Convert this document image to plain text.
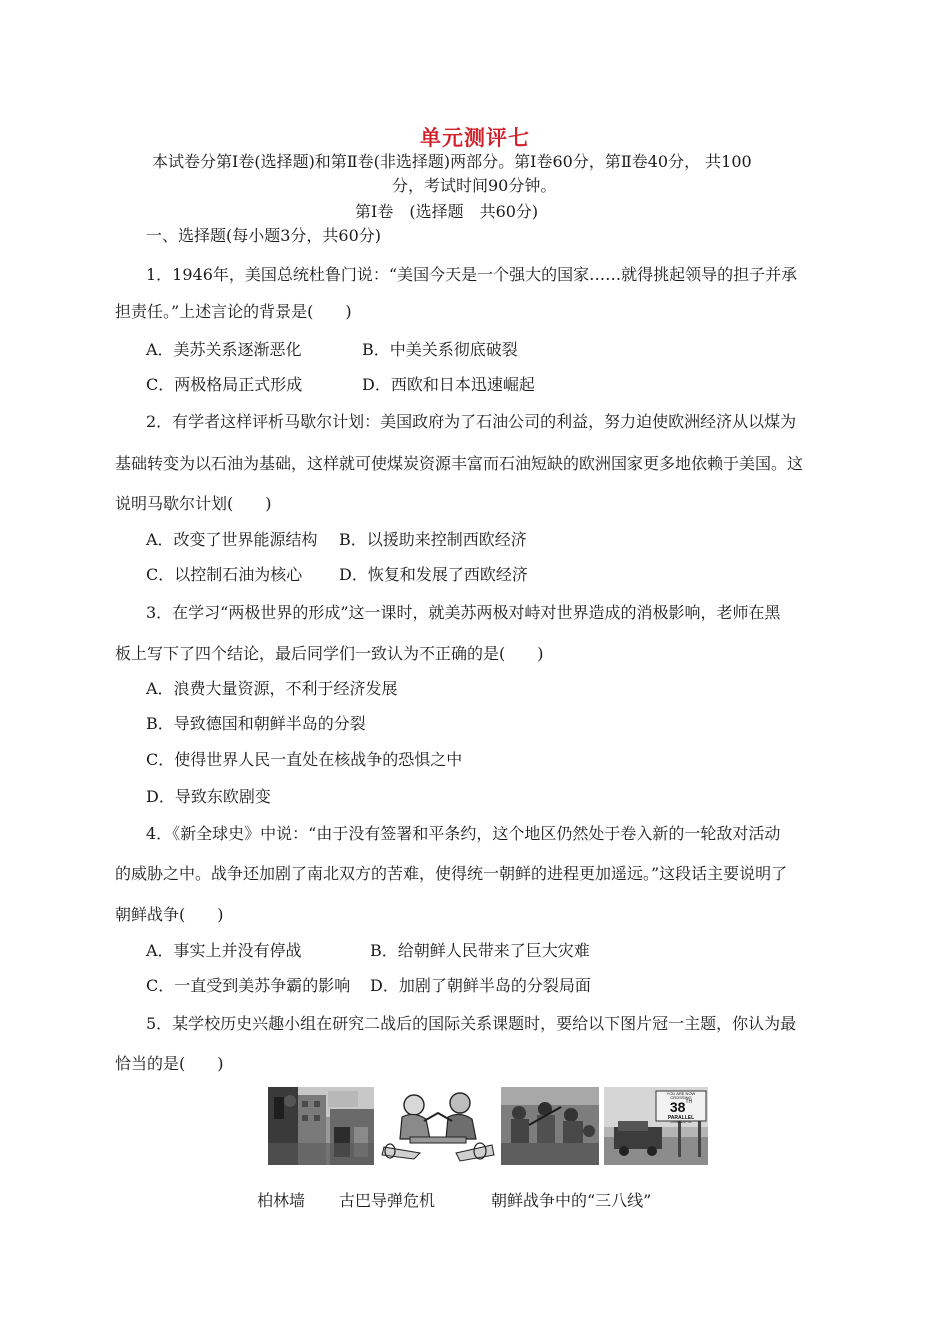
单元测评七
本试卷分第Ⅰ卷(选择题)和第Ⅱ卷(非选择题)两部分。第Ⅰ卷60分，第Ⅱ卷40分， 共100
分，考试时间90分钟。
第Ⅰ卷　(选择题　共60分)
一、选择题(每小题3分，共60分)
1．1946年，美国总统杜鲁门说：“美国今天是一个强大的国家……就得挑起领导的担子并承
担责任。”上述言论的背景是(　　)
A．美苏关系逐渐恶化	B．中美关系彻底破裂
C．两极格局正式形成	D．西欧和日本迅速崛起
2．有学者这样评析马歇尔计划：美国政府为了石油公司的利益，努力迫使欧洲经济从以煤为
基础转变为以石油为基础，这样就可使煤炭资源丰富而石油短缺的欧洲国家更多地依赖于美国。这
说明马歇尔计划(　　)
A．改变了世界能源结构 B．以援助来控制西欧经济
C．以控制石油为核心 D．恢复和发展了西欧经济
3．在学习“两极世界的形成”这一课时，就美苏两极对峙对世界造成的消极影响，老师在黑
板上写下了四个结论，最后同学们一致认为不正确的是(　　)
A．浪费大量资源，不利于经济发展
B．导致德国和朝鲜半岛的分裂
C．使得世界人民一直处在核战争的恐惧之中
D．导致东欧剧变
4．《新全球史》中说：“由于没有签署和平条约，这个地区仍然处于卷入新的一轮敌对活动
的威胁之中。战争还加剧了南北双方的苦难，使得统一朝鲜的进程更加遥远。”这段话主要说明了
朝鲜战争(　　)
A．事实上并没有停战	B．给朝鲜人民带来了巨大灾难
C．一直受到美苏争霸的影响 D．加剧了朝鲜半岛的分裂局面
5．某学校历史兴趣小组在研究二战后的国际关系课题时，要给以下图片冠一主题，你认为最
恰当的是(　　)
YOU ARE NOW CROSSING
38TH
PARALLEL
COURTESY OF
柏林墙 古巴导弹危机	朝鲜战争中的“三八线”
